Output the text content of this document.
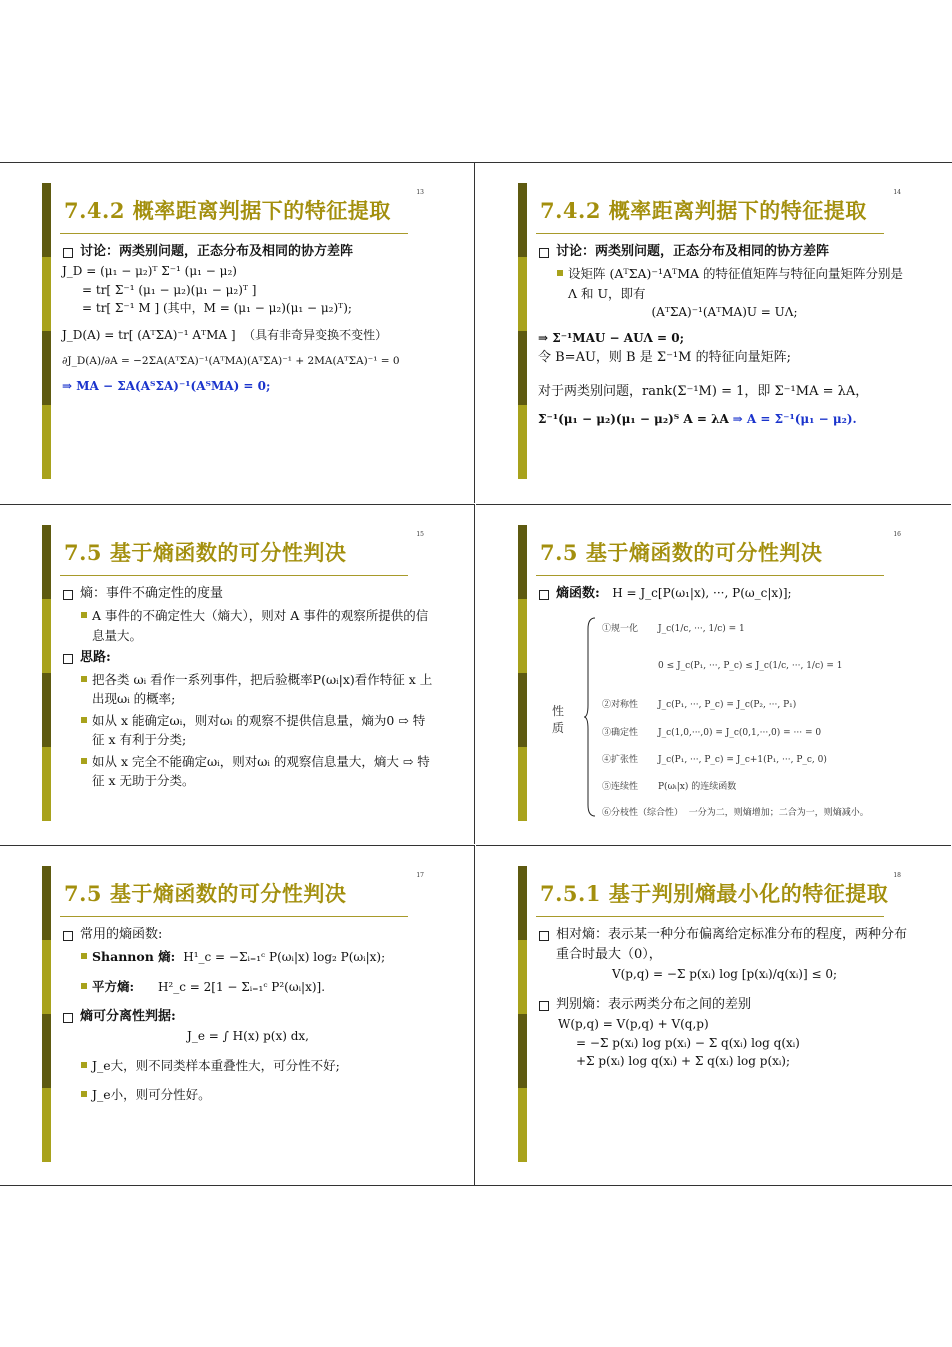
7.4.2 概率距离判据下的特征提取
13
讨论：两类别问题，正态分布及相同的协方差阵
J_D = (μ₁ − μ₂)ᵀ Σ⁻¹ (μ₁ − μ₂)
= tr[ Σ⁻¹ (μ₁ − μ₂)(μ₁ − μ₂)ᵀ ]
= tr[ Σ⁻¹ M ] (其中，M = (μ₁ − μ₂)(μ₁ − μ₂)ᵀ);
J_D(A) = tr[ (AᵀΣA)⁻¹ AᵀMA ] （具有非奇异变换不变性）
∂J_D(A)/∂A = −2ΣA(AᵀΣA)⁻¹(AᵀMA)(AᵀΣA)⁻¹ + 2MA(AᵀΣA)⁻¹ = 0
⇒ MA − ΣA(AᵀΣA)⁻¹(AᵀMA) = 0;
7.4.2 概率距离判据下的特征提取
14
讨论：两类别问题，正态分布及相同的协方差阵
设矩阵 (AᵀΣA)⁻¹AᵀMA 的特征值矩阵与特征向量矩阵分别是 Λ 和 U，即有
(AᵀΣA)⁻¹(AᵀMA)U = UΛ;
⇒ Σ⁻¹MAU − AUΛ = 0;
令 B=AU，则 B 是 Σ⁻¹M 的特征向量矩阵;
对于两类别问题，rank(Σ⁻¹M) = 1，即 Σ⁻¹MA = λA，
Σ⁻¹(μ₁ − μ₂)(μ₁ − μ₂)ᵀ A = λA ⇒ A = Σ⁻¹(μ₁ − μ₂).
7.5 基于熵函数的可分性判决
15
熵：事件不确定性的度量
A 事件的不确定性大（熵大），则对 A 事件的观察所提供的信息量大。
思路:
把各类 ωᵢ 看作一系列事件，把后验概率P(ωᵢ|x)看作特征 x 上出现ωᵢ 的概率;
如从 x 能确定ωᵢ，则对ωᵢ 的观察不提供信息量，熵为0 ⇨ 特征 x 有利于分类;
如从 x 完全不能确定ωᵢ，则对ωᵢ 的观察信息量大，熵大 ⇨ 特征 x 无助于分类。
7.5 基于熵函数的可分性判决
16
熵函数: H = J_c[P(ω₁|x), ···, P(ω_c|x)];
性
质
①规一化 J_c(1/c, ···, 1/c) = 1
0 ≤ J_c(P₁, ···, P_c) ≤ J_c(1/c, ···, 1/c) = 1
②对称性 J_c(P₁, ···, P_c) = J_c(P₂, ···, P₁)
③确定性 J_c(1,0,···,0) = J_c(0,1,···,0) = ··· = 0
④扩张性 J_c(P₁, ···, P_c) = J_c+1(P₁, ···, P_c, 0)
⑤连续性 P(ωᵢ|x) 的连续函数
⑥分枝性（综合性） 一分为二，则熵增加；二合为一，则熵减小。
7.5 基于熵函数的可分性判决
17
常用的熵函数:
Shannon 熵: H¹_c = −Σᵢ₌₁ᶜ P(ωᵢ|x) log₂ P(ωᵢ|x);
平方熵: H²_c = 2[1 − Σᵢ₌₁ᶜ P²(ωᵢ|x)].
熵可分离性判据:
J_e = ∫ H(x) p(x) dx,
J_e大，则不同类样本重叠性大，可分性不好;
J_e小，则可分性好。
7.5.1 基于判别熵最小化的特征提取
18
相对熵：表示某一种分布偏离给定标准分布的程度，两种分布重合时最大（0），
V(p,q) = −Σ p(xᵢ) log [p(xᵢ)/q(xᵢ)] ≤ 0;
判别熵：表示两类分布之间的差别
W(p,q) = V(p,q) + V(q,p)
= −Σ p(xᵢ) log p(xᵢ) − Σ q(xᵢ) log q(xᵢ)
+Σ p(xᵢ) log q(xᵢ) + Σ q(xᵢ) log p(xᵢ);
